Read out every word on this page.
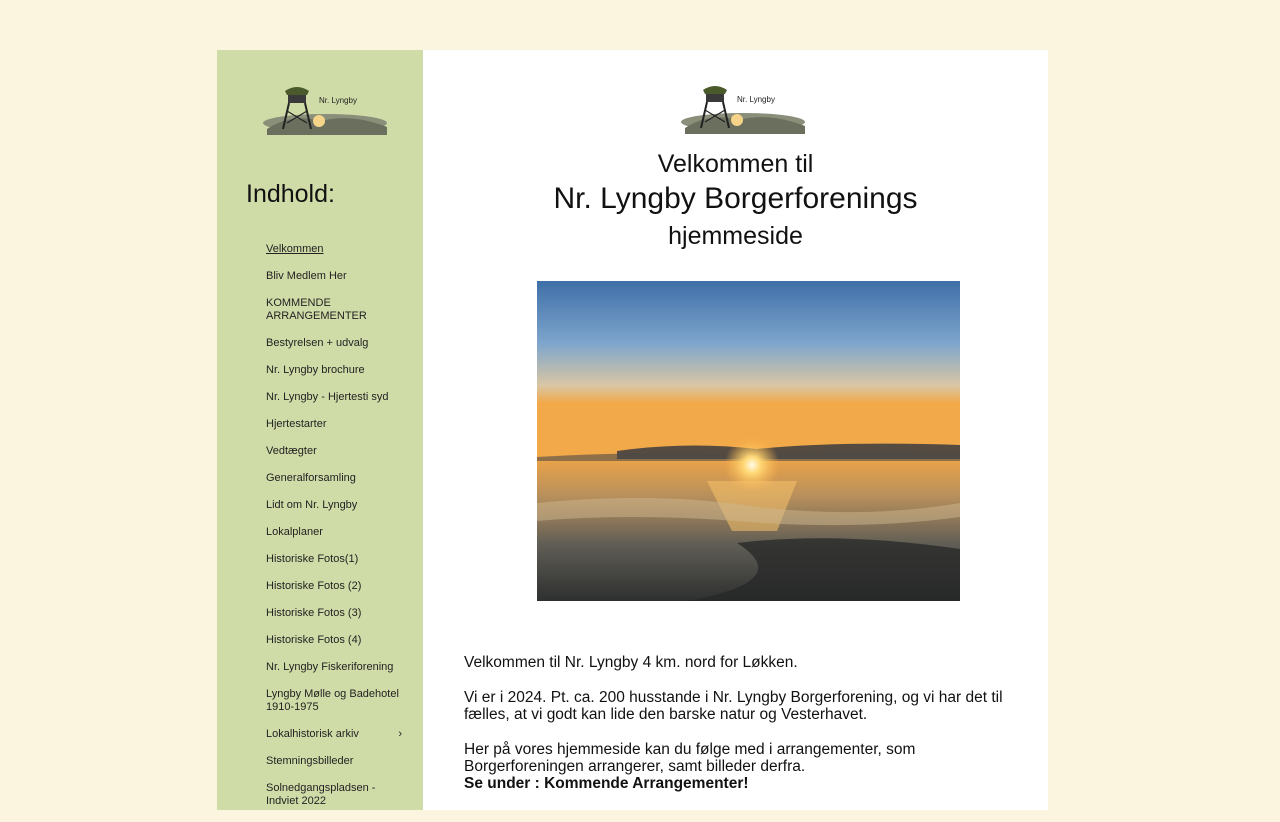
Nr. Lyngby
Indhold:
Velkommen
Bliv Medlem Her
KOMMENDE ARRANGEMENTER
Bestyrelsen + udvalg
Nr. Lyngby brochure
Nr. Lyngby - Hjertesti syd
Hjertestarter
Vedtægter
Generalforsamling
Lidt om Nr. Lyngby
Lokalplaner
Historiske Fotos(1)
Historiske Fotos (2)
Historiske Fotos (3)
Historiske Fotos (4)
Nr. Lyngby Fiskeriforening
Lyngby Mølle og Badehotel 1910-1975
Lokalhistorisk arkiv	›
Stemningsbilleder
Solnedgangspladsen - Indviet 2022
Nr. Lyngby
Velkommen til
Nr. Lyngby Borgerforenings
hjemmeside

Velkommen til Nr. Lyngby 4 km. nord for Løkken.

Vi er i 2024. Pt. ca. 200 husstande i Nr. Lyngby Borgerforening, og vi har det til fælles, at vi godt kan lide den barske natur og Vesterhavet.

Her på vores hjemmeside kan du følge med i arrangementer, som Borgerforeningen arrangerer, samt billeder derfra.

Se under : Kommende Arrangementer!
